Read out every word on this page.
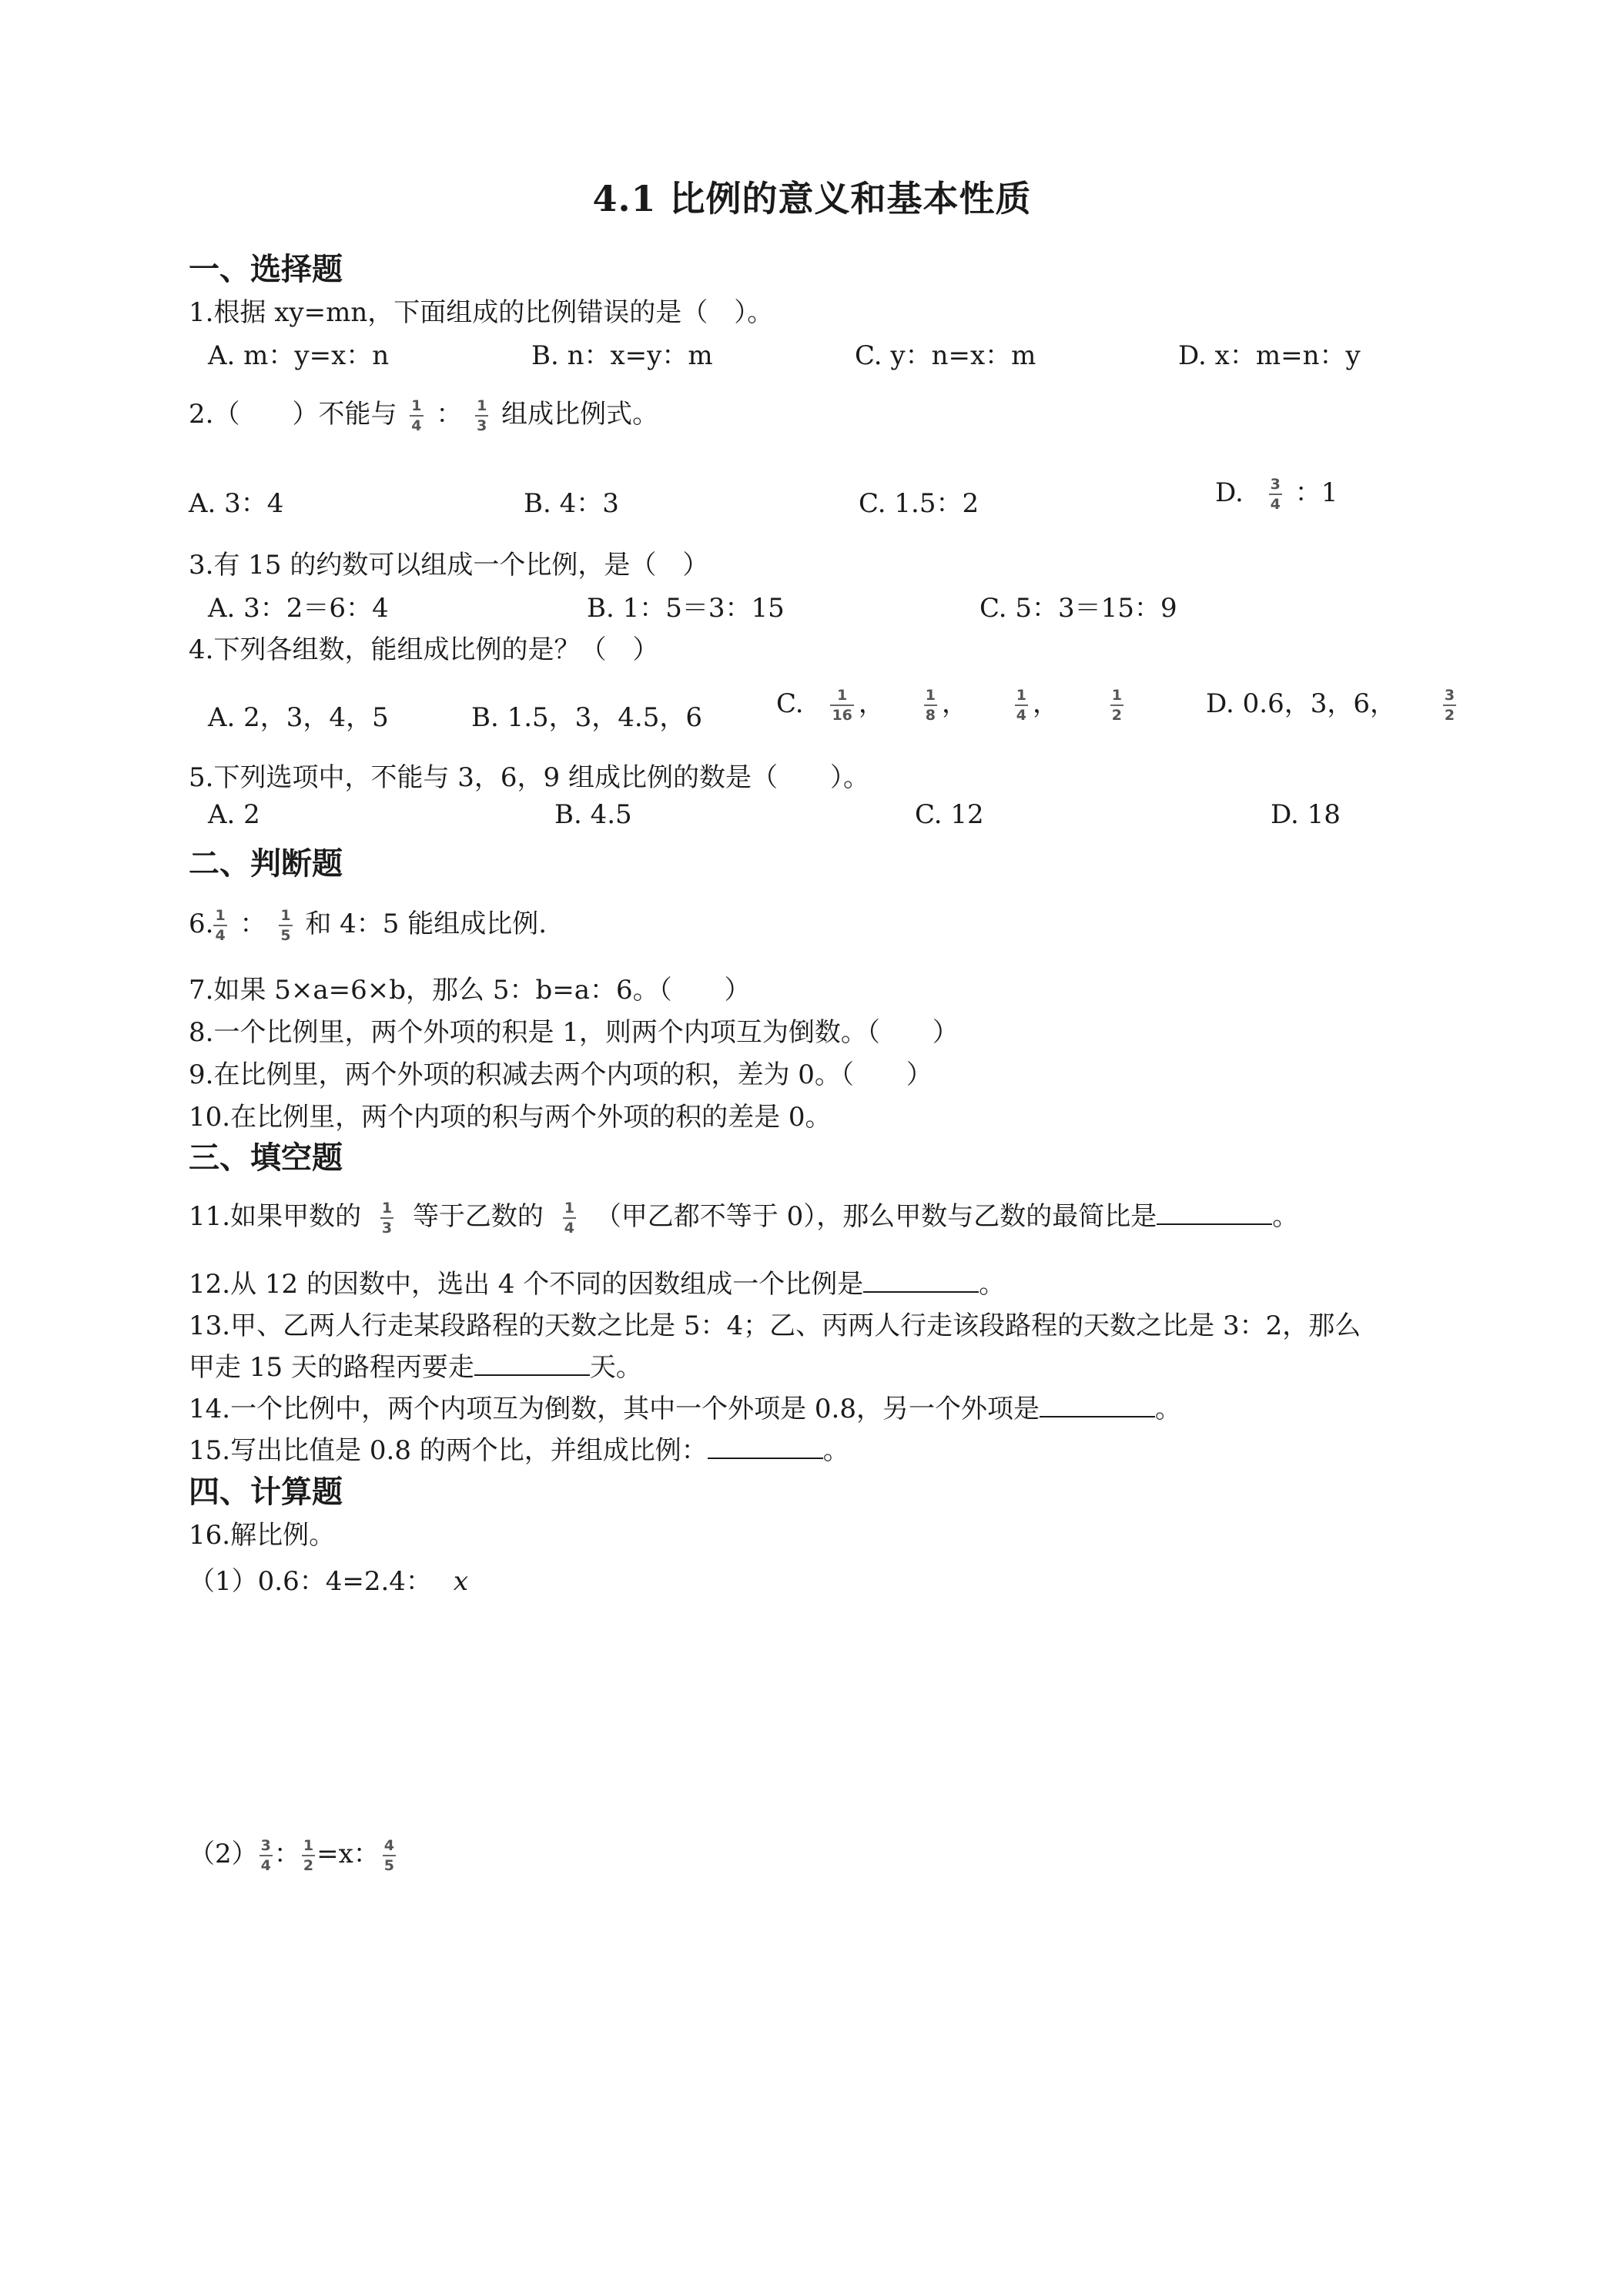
4.1 比例的意义和基本性质
一、选择题
1.根据 xy=mn，下面组成的比例错误的是（　）。
A. m：y=x：n	B. n：x=y：m	C. y：n=x：m	D. x：m=n：y
2.（　　）不能与 $\frac{1}{4}$ ： $\frac{1}{3}$ 组成比例式。
A. 3：4	B. 4：3	C. 1.5：2	D. $\frac{3}{4}$ ：1
3.有 15 的约数可以组成一个比例，是（　）
A. 3：2＝6：4	B. 1：5＝3：15	C. 5：3＝15：9
4.下列各组数，能组成比例的是？（　）
A. 2，3，4，5	B. 1.5，3，4.5，6	C. $\frac{1}{16}$ ，	$\frac{1}{8}$ ，	$\frac{1}{4}$ ，	$\frac{1}{2}$	D. 0.6，3，6，	$\frac{3}{2}$
5.下列选项中，不能与 3，6，9 组成比例的数是（　　）。
A. 2	B. 4.5	C. 12	D. 18
二、判断题
6. $\frac{1}{4}$ ： $\frac{1}{5}$ 和 4：5 能组成比例.
7.如果 5×a=6×b，那么 5：b=a：6。（　　）
8.一个比例里，两个外项的积是 1，则两个内项互为倒数。（　　）
9.在比例里，两个外项的积减去两个内项的积，差为 0。（　　）
10.在比例里，两个内项的积与两个外项的积的差是 0。
三、填空题
11.如果甲数的 $\frac{1}{3}$ 等于乙数的 $\frac{1}{4}$ （甲乙都不等于 0），那么甲数与乙数的最简比是	。
12.从 12 的因数中，选出 4 个不同的因数组成一个比例是	。
13.甲、乙两人行走某段路程的天数之比是 5：4；乙、丙两人行走该段路程的天数之比是 3：2，那么
甲走 15 天的路程丙要走	天。
14.一个比例中，两个内项互为倒数，其中一个外项是 0.8，另一个外项是	。
15.写出比值是 0.8 的两个比，并组成比例：	。
四、计算题
16.解比例。
（1）0.6：4=2.4： x
$(2) \frac{3}{4}$ ： $\frac{1}{2} =x$： $\frac{4}{5}$
